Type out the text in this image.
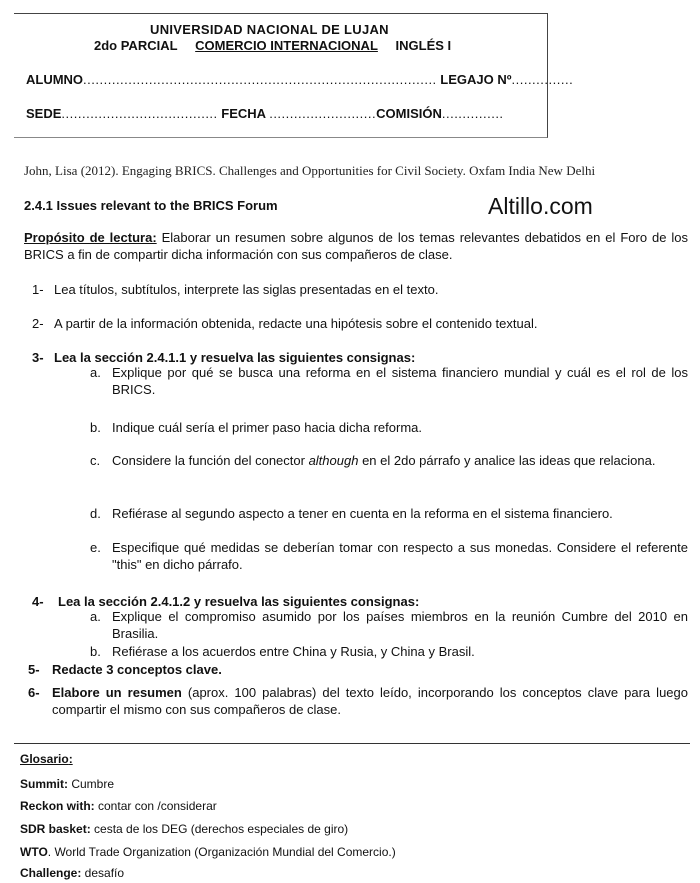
UNIVERSIDAD NACIONAL DE LUJAN
2do PARCIAL COMERCIO INTERNACIONAL INGLÉS I
ALUMNO...................................................................................... LEGAJO Nº...............
SEDE...................................... FECHA ..........................COMISIÓN...............
John, Lisa (2012). Engaging BRICS. Challenges and Opportunities for Civil Society. Oxfam India New Delhi
2.4.1 Issues relevant to the BRICS Forum	Altillo.com
Propósito de lectura: Elaborar un resumen sobre algunos de los temas relevantes debatidos en el Foro de los BRICS a fin de compartir dicha información con sus compañeros de clase.
1- Lea títulos, subtítulos, interprete las siglas presentadas en el texto.
2- A partir de la información obtenida, redacte una hipótesis sobre el contenido textual.
3- Lea la sección 2.4.1.1 y resuelva las siguientes consignas:
a. Explique por qué se busca una reforma en el sistema financiero mundial y cuál es el rol de los BRICS.
b. Indique cuál sería el primer paso hacia dicha reforma.
c. Considere la función del conector although en el 2do párrafo y analice las ideas que relaciona.
d. Refiérase al segundo aspecto a tener en cuenta en la reforma en el sistema financiero.
e. Especifique qué medidas se deberían tomar con respecto a sus monedas. Considere el referente "this" en dicho párrafo.
4- Lea la sección 2.4.1.2 y resuelva las siguientes consignas:
a. Explique el compromiso asumido por los países miembros en la reunión Cumbre del 2010 en Brasilia.
b. Refiérase a los acuerdos entre China y Rusia, y China y Brasil.
5- Redacte 3 conceptos clave.
6- Elabore un resumen (aprox. 100 palabras) del texto leído, incorporando los conceptos clave para luego compartir el mismo con sus compañeros de clase.
Glosario:
Summit: Cumbre
Reckon with: contar con /considerar
SDR basket: cesta de los DEG (derechos especiales de giro)
WTO. World Trade Organization (Organización Mundial del Comercio.)
Challenge: desafío
